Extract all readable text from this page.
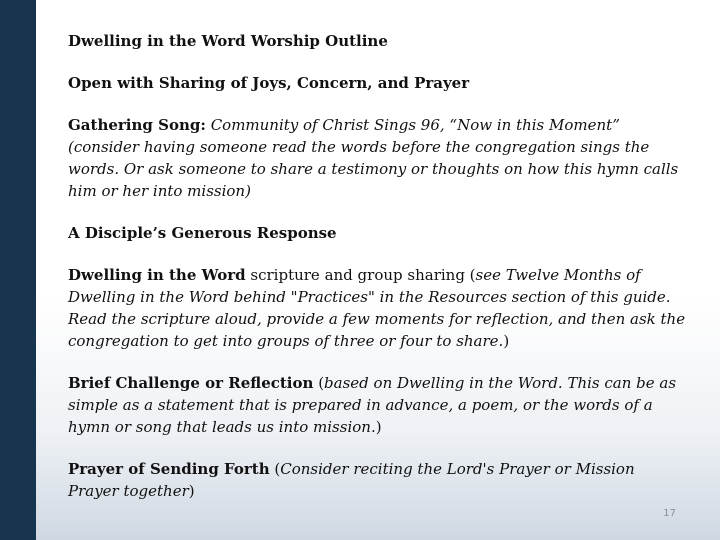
Dwelling in the Word Worship Outline
Open with Sharing of Joys, Concern, and Prayer
Gathering Song: Community of Christ Sings 96, “Now in this Moment” (consider having someone read the words before the congregation sings the words. Or ask someone to share a testimony or thoughts on how this hymn calls him or her into mission)
A Disciple’s Generous Response
Dwelling in the Word scripture and group sharing (see Twelve Months of Dwelling in the Word behind "Practices" in the Resources section of this guide. Read the scripture aloud, provide a few moments for reflection, and then ask the congregation to get into groups of three or four to share.)
Brief Challenge or Reflection (based on Dwelling in the Word. This can be as simple as a statement that is prepared in advance, a poem, or the words of a hymn or song that leads us into mission.)
Prayer of Sending Forth (Consider reciting the Lord's Prayer or Mission Prayer together)
17
